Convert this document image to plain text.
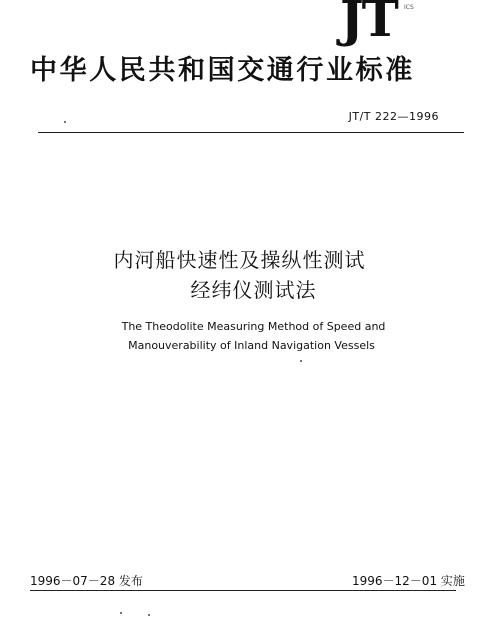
JT ICS
中华人民共和国交通行业标准
JT/T 222—1996
内河船快速性及操纵性测试
经纬仪测试法
The Theodolite Measuring Method of Speed and
Manouverability of Inland Navigation Vessels
1996－07－28 发布	1996－12－01 实施
